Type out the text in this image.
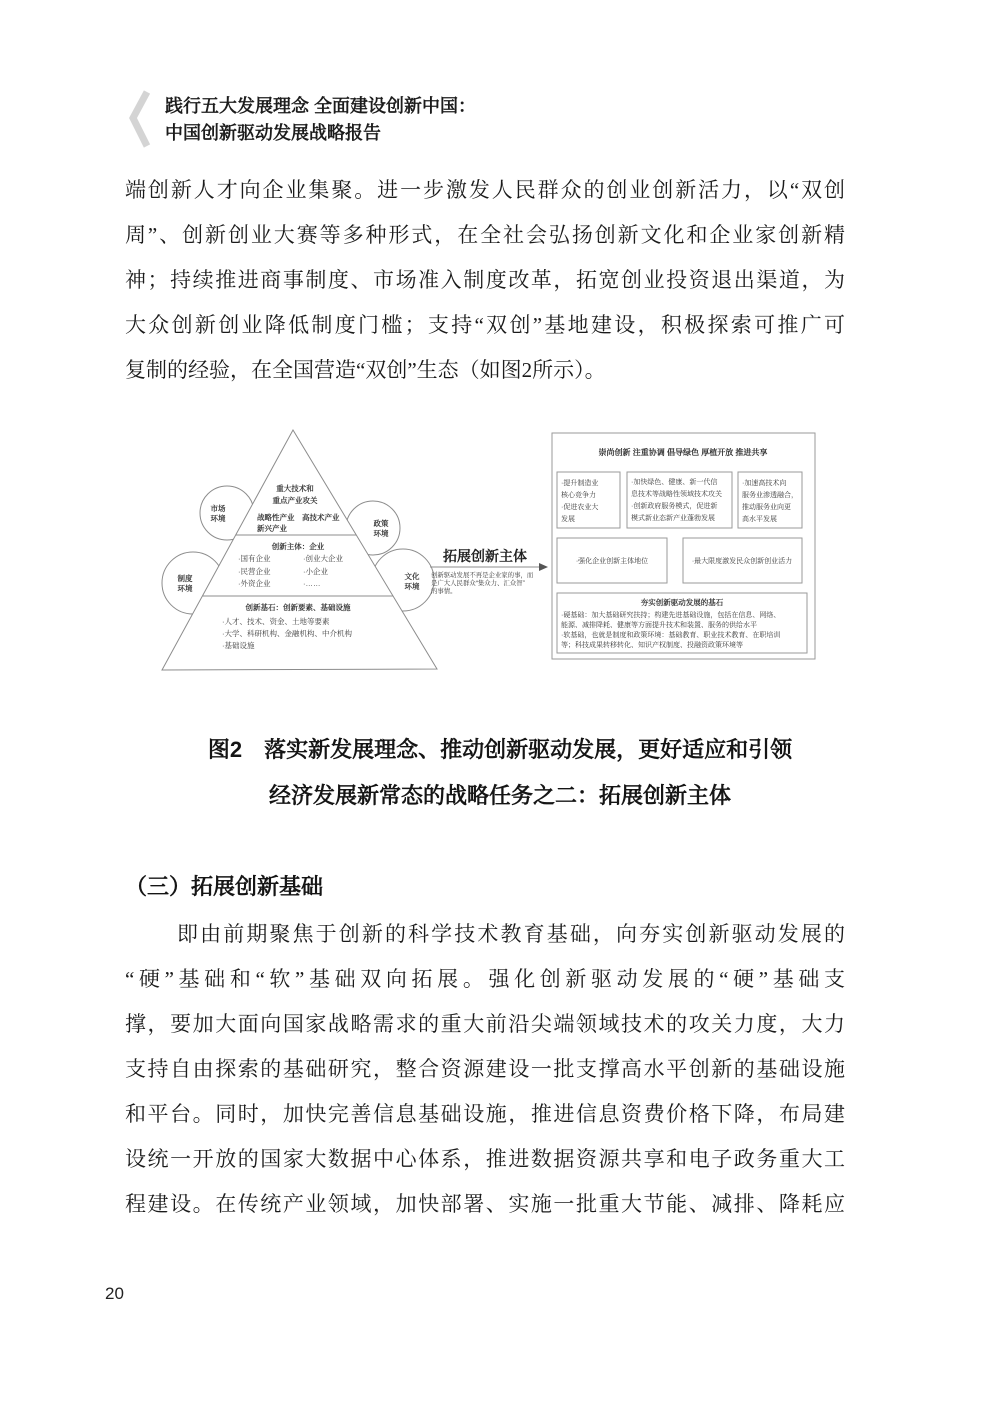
践行五大发展理念 全面建设创新中国：
中国创新驱动发展战略报告
端创新人才向企业集聚。进一步激发人民群众的创业创新活力，以“双创
周”、创新创业大赛等多种形式，在全社会弘扬创新文化和企业家创新精
神；持续推进商事制度、市场准入制度改革，拓宽创业投资退出渠道，为
大众创新创业降低制度门槛；支持“双创”基地建设，积极探索可推广可
复制的经验，在全国营造“双创”生态（如图2所示）。
市场
环境
政策
环境
制度
环境
文化
环境
重大技术和
重点产业攻关
战略性产业　高技术产业
新兴产业
创新主体：企业
·国有企业
·民营企业
·外资企业
·创业大企业
·小企业
·……
创新基石：创新要素、基础设施
·人才、技术、资金、土地等要素
·大学、科研机构、金融机构、中介机构
·基础设施
拓展创新主体
创新驱动发展不再是企业家的事，而
是广大人民群众“集众力、汇众智”
的事情。
崇尚创新 注重协调 倡导绿色 厚植开放 推进共享
·提升制造业
核心竞争力
·促进农业大
发展
·加快绿色、健康、新一代信
息技术等战略性领域技术攻关
·创新政府服务模式，促进新
模式新业态新产业蓬勃发展
·加速高技术向
服务业渗透融合，
推动服务业向更
高水平发展
·强化企业创新主体地位	·最大限度激发民众创新创业活力
夯实创新驱动发展的基石
·硬基础：加大基础研究扶持；构建先进基础设施，包括在信息、网络、
能源、减排降耗、健康等方面提升技术和装置、服务的供给水平
·软基础，也就是制度和政策环境：基础教育、职业技术教育、在职培训
等；科技成果转移转化、知识产权制度、投融资政策环境等
图2　落实新发展理念、推动创新驱动发展，更好适应和引领
经济发展新常态的战略任务之二：拓展创新主体
（三）拓展创新基础
即由前期聚焦于创新的科学技术教育基础，向夯实创新驱动发展的
“硬”基础和“软”基础双向拓展。强化创新驱动发展的“硬”基础支
撑，要加大面向国家战略需求的重大前沿尖端领域技术的攻关力度，大力
支持自由探索的基础研究，整合资源建设一批支撑高水平创新的基础设施
和平台。同时，加快完善信息基础设施，推进信息资费价格下降，布局建
设统一开放的国家大数据中心体系，推进数据资源共享和电子政务重大工
程建设。在传统产业领域，加快部署、实施一批重大节能、减排、降耗应
20
